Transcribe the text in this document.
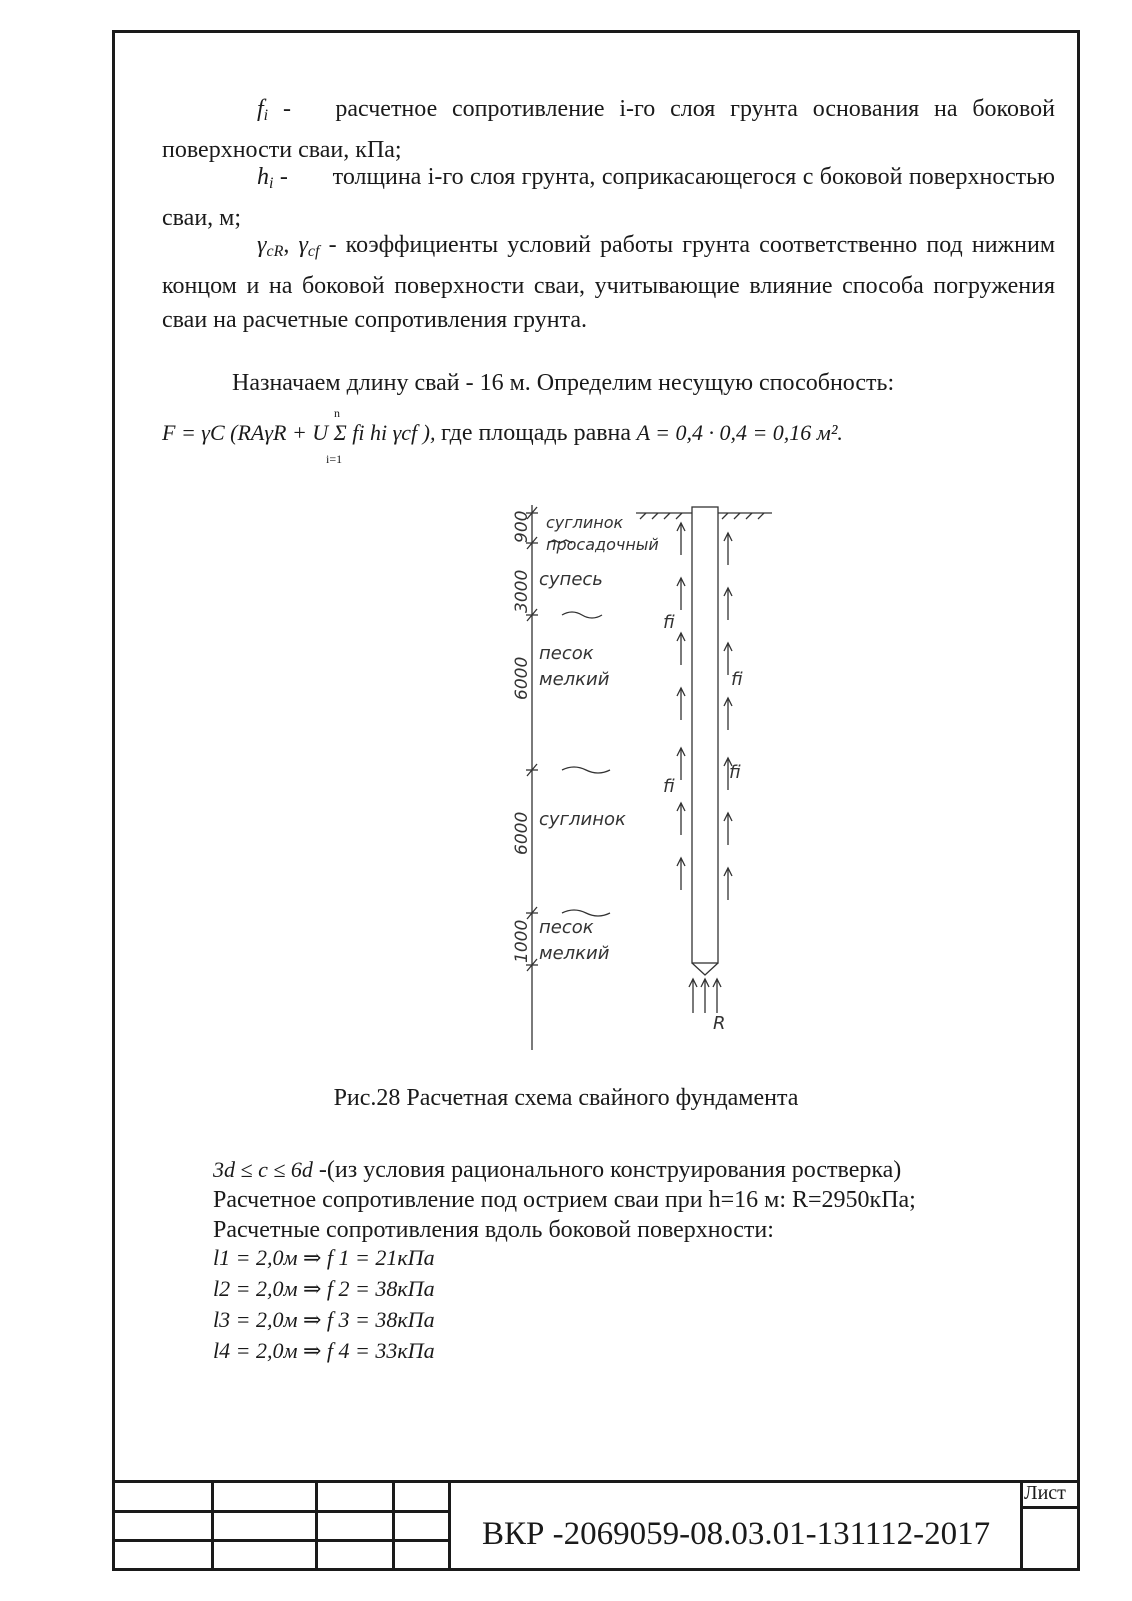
$f_i$ -   расчетное сопротивление i-го слоя грунта основания на боковой поверхности сваи, кПа;
$h_i$ -       толщина i-го слоя грунта, соприкасающегося с боковой поверхностью сваи, м;
$\gamma_{cR}$, $\gamma_{cf}$ - коэффициенты условий работы грунта соответственно под нижним концом и на боковой поверхности сваи, учитывающие влияние способа погружения сваи на расчетные сопротивления грунта.
Назначаем длину свай - 16 м. Определим несущую способность:
F = γC (RAγR + U Σ fi hi γcf ), где площадь равна A = 0,4 · 0,4 = 0,16 м².
n
i=1
900
3000
6000
6000
1000
суглинок
просадочный
супесь
песок
мелкий
суглинок
песок
мелкий
fi
fi
fi
fi
R
Рис.28 Расчетная схема свайного фундамента
3d ≤ c ≤ 6d -(из условия рационального конструирования ростверка)
Расчетное сопротивление под острием сваи при h=16 м: R=2950кПа;
Расчетные сопротивления вдоль боковой поверхности:
l1 = 2,0м ⇒ f 1 = 21кПа
l2 = 2,0м ⇒ f 2 = 38кПа
l3 = 2,0м ⇒ f 3 = 38кПа
l4 = 2,0м ⇒ f 4 = 33кПа
ВКР -2069059-08.03.01-131112-2017
Лист
